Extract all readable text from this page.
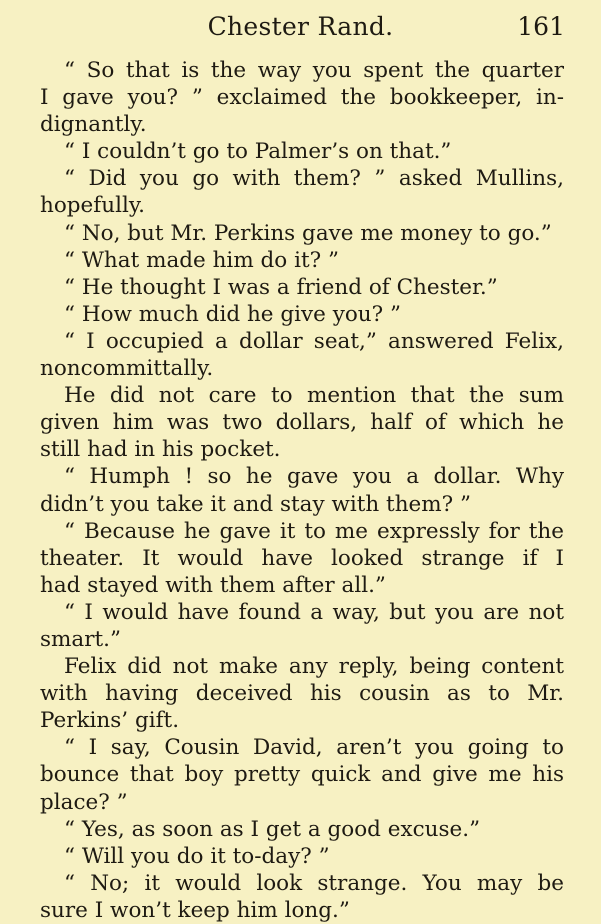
Chester Rand.	161
“ So that is the way you spent the quarter
I gave you? ” exclaimed the bookkeeper, in-
dignantly.
“ I couldn’t go to Palmer’s on that.”
“ Did you go with them? ” asked Mullins,
hopefully.
“ No, but Mr. Perkins gave me money to go.”
“ What made him do it? ”
“ He thought I was a friend of Chester.”
“ How much did he give you? ”
“ I occupied a dollar seat,” answered Felix,
noncommittally.
He did not care to mention that the sum
given him was two dollars, half of which he
still had in his pocket.
“ Humph ! so he gave you a dollar. Why
didn’t you take it and stay with them? ”
“ Because he gave it to me expressly for the
theater. It would have looked strange if I
had stayed with them after all.”
“ I would have found a way, but you are not
smart.”
Felix did not make any reply, being content
with having deceived his cousin as to Mr.
Perkins’ gift.
“ I say, Cousin David, aren’t you going to
bounce that boy pretty quick and give me his
place? ”
“ Yes, as soon as I get a good excuse.”
“ Will you do it to-day? ”
“ No; it would look strange. You may be
sure I won’t keep him long.”
